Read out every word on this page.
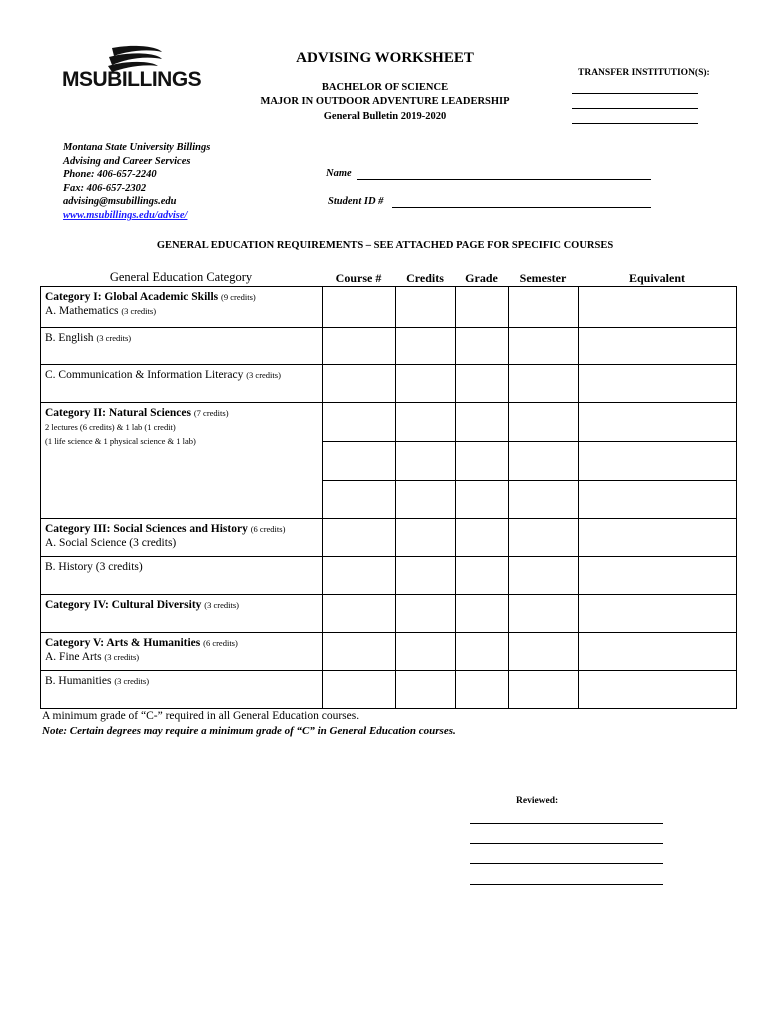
MSUBILLINGS
ADVISING WORKSHEET
BACHELOR OF SCIENCE
MAJOR IN OUTDOOR ADVENTURE LEADERSHIP
General Bulletin 2019-2020
TRANSFER INSTITUTION(S):
Montana State University Billings
Advising and Career Services
Phone: 406-657-2240
Fax: 406-657-2302
advising@msubillings.edu
www.msubillings.edu/advise/
Name
Student ID #
GENERAL EDUCATION REQUIREMENTS – SEE ATTACHED PAGE FOR SPECIFIC COURSES
General Education Category	Course #	Credits	Grade	Semester	Equivalent
Category I: Global Academic Skills (9 credits)
A. Mathematics (3 credits)					
B. English (3 credits)					
C. Communication & Information Literacy (3 credits)					
Category II: Natural Sciences (7 credits)
2 lectures (6 credits) & 1 lab (1 credit)
(1 life science & 1 physical science & 1 lab)					

Category III: Social Sciences and History (6 credits)
A. Social Science (3 credits)					
B. History (3 credits)					
Category IV: Cultural Diversity (3 credits)					
Category V: Arts & Humanities (6 credits)
A. Fine Arts (3 credits)					
B. Humanities (3 credits)					
A minimum grade of “C-” required in all General Education courses.
Note: Certain degrees may require a minimum grade of “C” in General Education courses.
Reviewed:
